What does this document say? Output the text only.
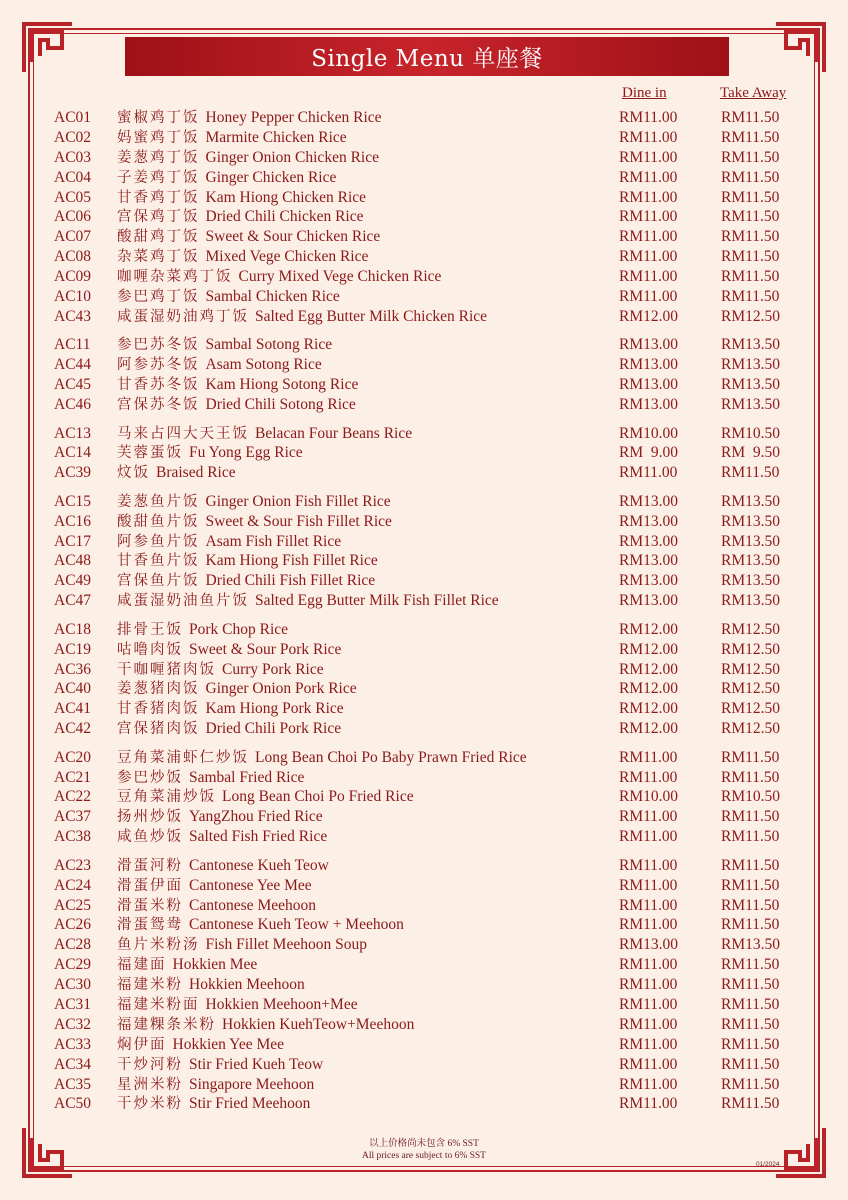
Single Menu 单座餐
Dine in	Take Away
AC01 蜜椒鸡丁饭 Honey Pepper Chicken Rice	RM11.00	RM11.50
AC02 妈蜜鸡丁饭 Marmite Chicken Rice	RM11.00	RM11.50
AC03 姜葱鸡丁饭 Ginger Onion Chicken Rice	RM11.00	RM11.50
AC04 子姜鸡丁饭 Ginger Chicken Rice	RM11.00	RM11.50
AC05 甘香鸡丁饭 Kam Hiong Chicken Rice	RM11.00	RM11.50
AC06 宫保鸡丁饭 Dried Chili Chicken Rice	RM11.00	RM11.50
AC07 酸甜鸡丁饭 Sweet & Sour Chicken Rice	RM11.00	RM11.50
AC08 杂菜鸡丁饭 Mixed Vege Chicken Rice	RM11.00	RM11.50
AC09 咖喱杂菜鸡丁饭 Curry Mixed Vege Chicken Rice	RM11.00	RM11.50
AC10 参巴鸡丁饭 Sambal Chicken Rice	RM11.00	RM11.50
AC43 咸蛋湿奶油鸡丁饭 Salted Egg Butter Milk Chicken Rice	RM12.00	RM12.50
AC11 参巴苏冬饭 Sambal Sotong Rice	RM13.00	RM13.50
AC44 阿参苏冬饭 Asam Sotong Rice	RM13.00	RM13.50
AC45 甘香苏冬饭 Kam Hiong Sotong Rice	RM13.00	RM13.50
AC46 宫保苏冬饭 Dried Chili Sotong Rice	RM13.00	RM13.50
AC13 马来占四大天王饭 Belacan Four Beans Rice	RM10.00	RM10.50
AC14 芙蓉蛋饭 Fu Yong Egg Rice	RM  9.00	RM  9.50
AC39 炆饭 Braised Rice	RM11.00	RM11.50
AC15 姜葱鱼片饭 Ginger Onion Fish Fillet Rice	RM13.00	RM13.50
AC16 酸甜鱼片饭 Sweet & Sour Fish Fillet Rice	RM13.00	RM13.50
AC17 阿参鱼片饭 Asam Fish Fillet Rice	RM13.00	RM13.50
AC48 甘香鱼片饭 Kam Hiong Fish Fillet Rice	RM13.00	RM13.50
AC49 宫保鱼片饭 Dried Chili Fish Fillet Rice	RM13.00	RM13.50
AC47 咸蛋湿奶油鱼片饭 Salted Egg Butter Milk Fish Fillet Rice	RM13.00	RM13.50
AC18 排骨王饭 Pork Chop Rice	RM12.00	RM12.50
AC19 咕噜肉饭 Sweet & Sour Pork Rice	RM12.00	RM12.50
AC36 干咖喱猪肉饭 Curry Pork Rice	RM12.00	RM12.50
AC40 姜葱猪肉饭 Ginger Onion Pork Rice	RM12.00	RM12.50
AC41 甘香猪肉饭 Kam Hiong Pork Rice	RM12.00	RM12.50
AC42 宫保猪肉饭 Dried Chili Pork Rice	RM12.00	RM12.50
AC20 豆角菜浦虾仁炒饭 Long Bean Choi Po Baby Prawn Fried Rice	RM11.00	RM11.50
AC21 参巴炒饭 Sambal Fried Rice	RM11.00	RM11.50
AC22 豆角菜浦炒饭 Long Bean Choi Po Fried Rice	RM10.00	RM10.50
AC37 扬州炒饭 YangZhou Fried Rice	RM11.00	RM11.50
AC38 咸鱼炒饭 Salted Fish Fried Rice	RM11.00	RM11.50
AC23 滑蛋河粉 Cantonese Kueh Teow	RM11.00	RM11.50
AC24 滑蛋伊面 Cantonese Yee Mee	RM11.00	RM11.50
AC25 滑蛋米粉 Cantonese Meehoon	RM11.00	RM11.50
AC26 滑蛋鸳鸯 Cantonese Kueh Teow + Meehoon	RM11.00	RM11.50
AC28 鱼片米粉汤 Fish Fillet Meehoon Soup	RM13.00	RM13.50
AC29 福建面 Hokkien Mee	RM11.00	RM11.50
AC30 福建米粉 Hokkien Meehoon	RM11.00	RM11.50
AC31 福建米粉面 Hokkien Meehoon+Mee	RM11.00	RM11.50
AC32 福建粿条米粉 Hokkien KuehTeow+Meehoon	RM11.00	RM11.50
AC33 焖伊面 Hokkien Yee Mee	RM11.00	RM11.50
AC34 干炒河粉 Stir Fried Kueh Teow	RM11.00	RM11.50
AC35 星洲米粉 Singapore Meehoon	RM11.00	RM11.50
AC50 干炒米粉 Stir Fried Meehoon	RM11.00	RM11.50
以上价格尚未包含 6% SST
All prices are subject to 6% SST
01/2024
